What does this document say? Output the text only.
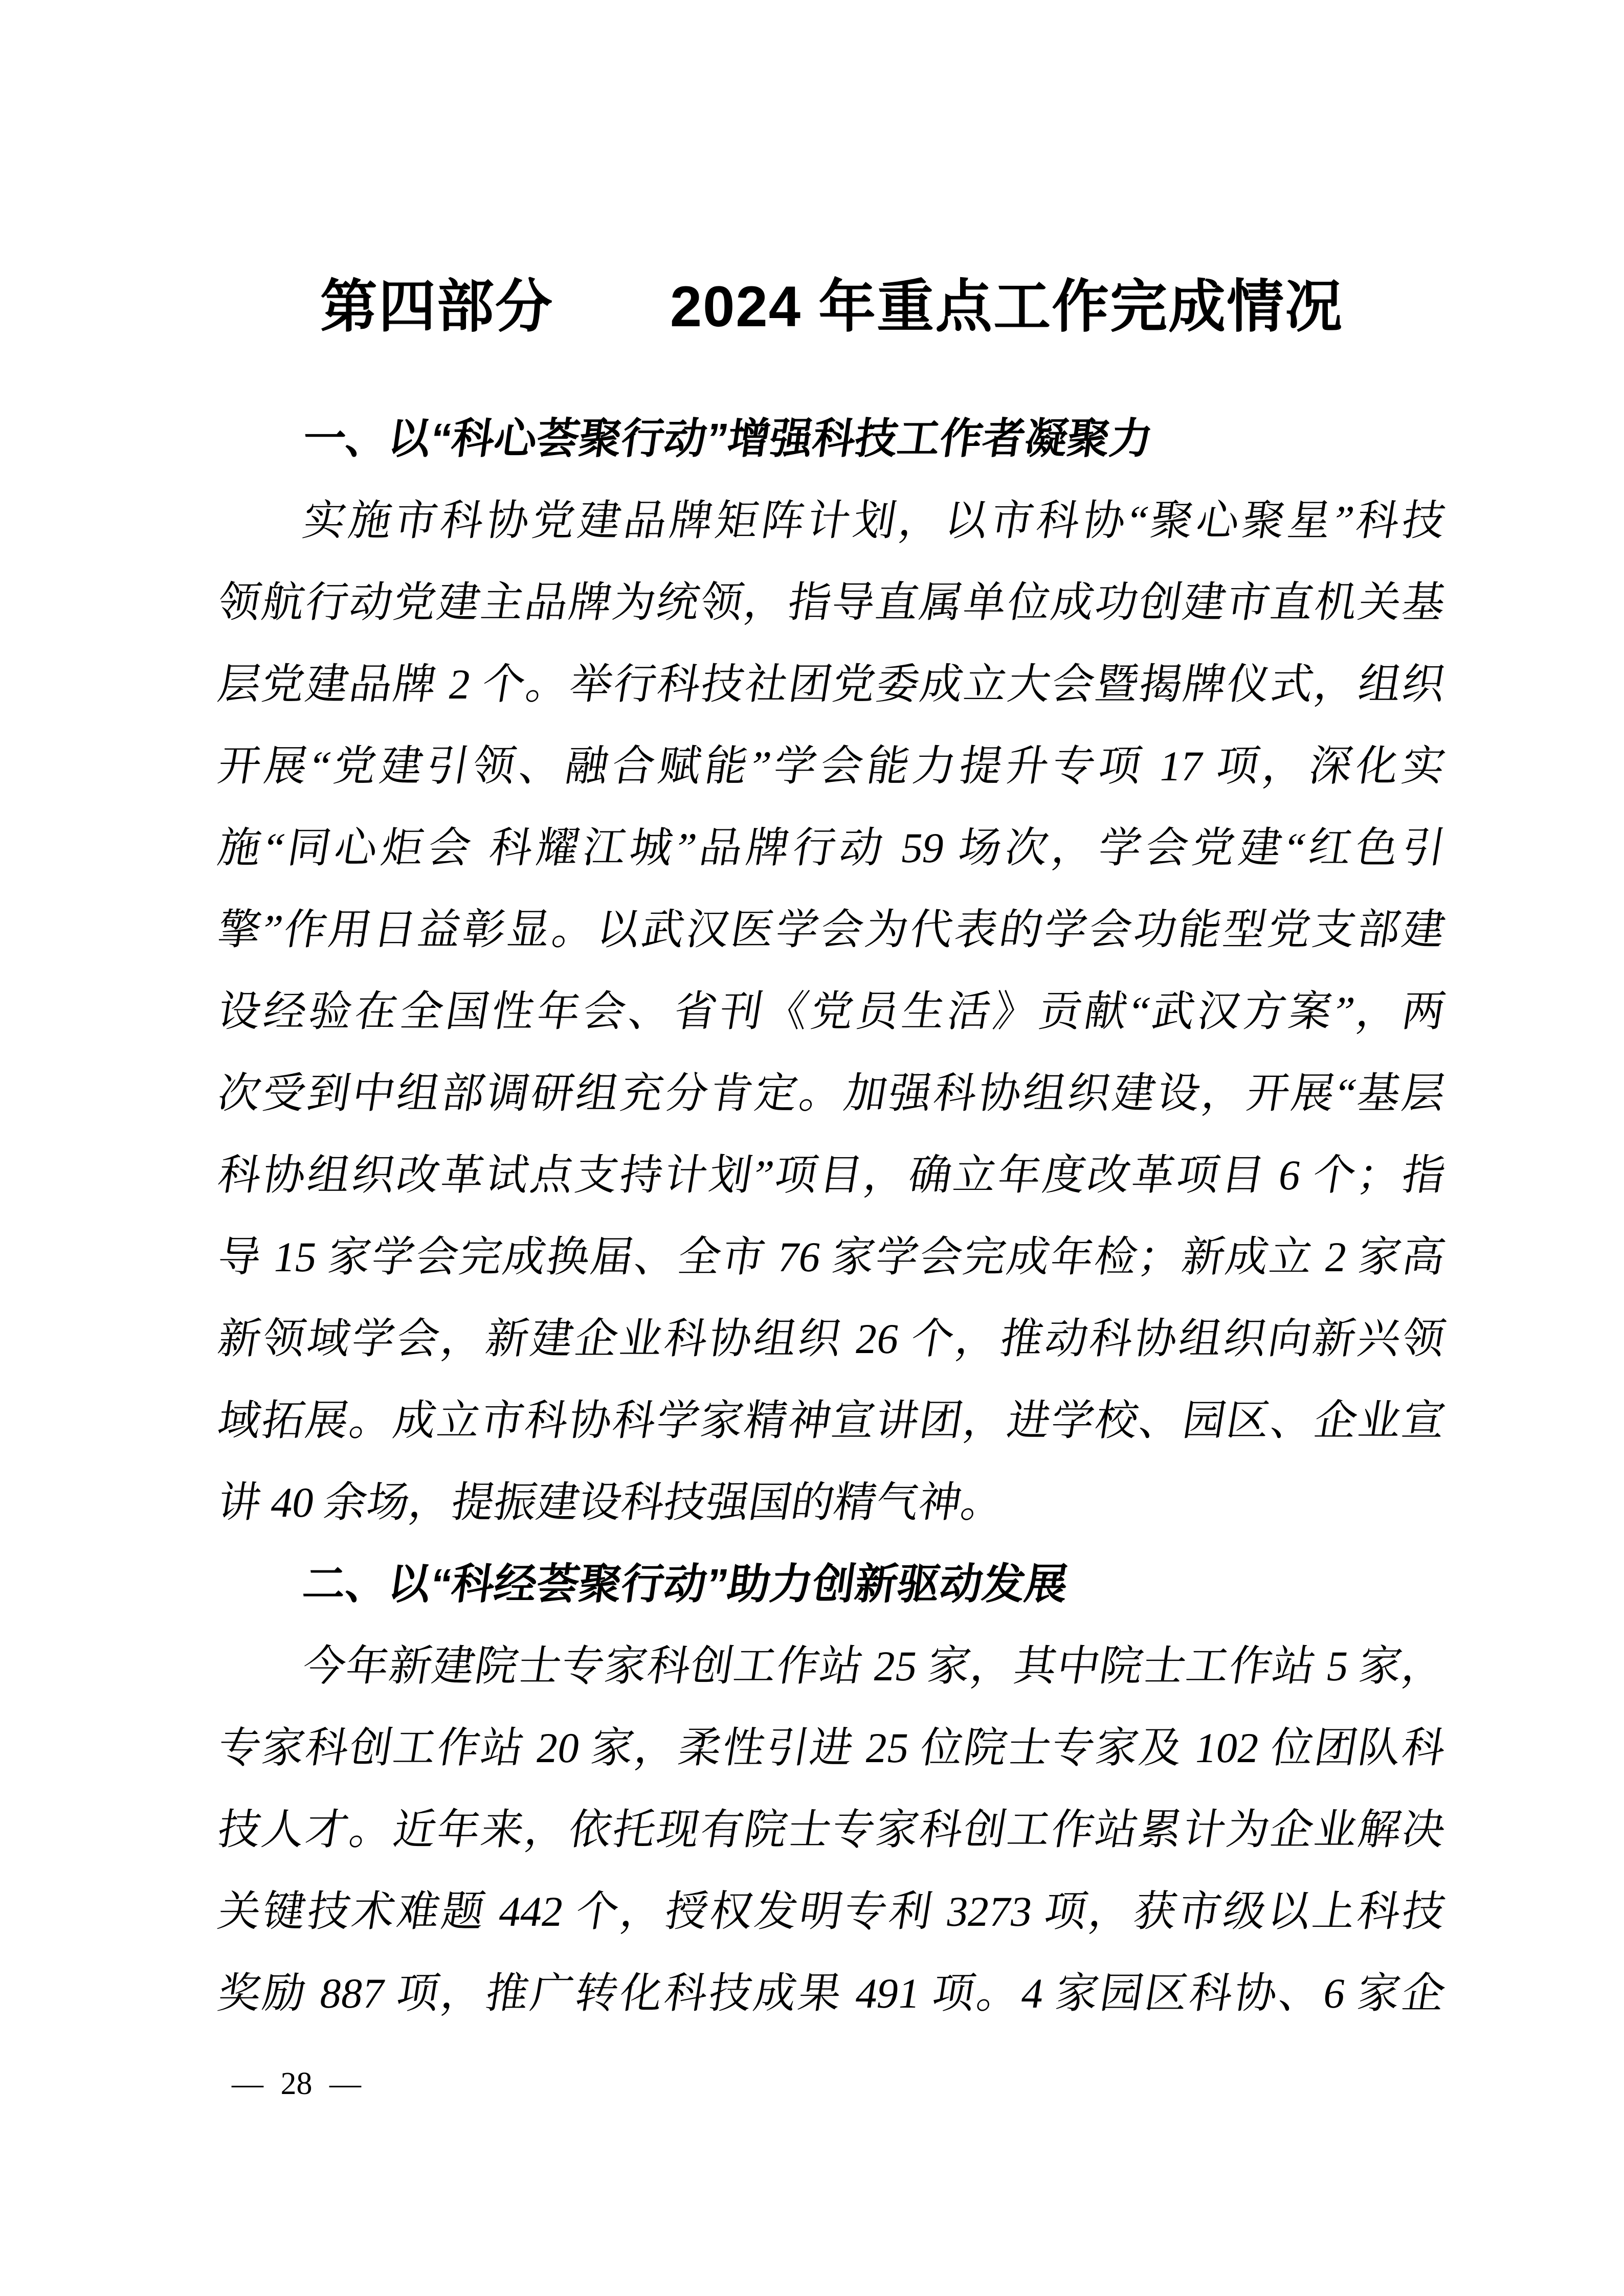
第四部分　　2024 年重点工作完成情况
一、以“科心荟聚行动”增强科技工作者凝聚力
实施市科协党建品牌矩阵计划，以市科协“聚心聚星”科技
领航行动党建主品牌为统领，指导直属单位成功创建市直机关基
层党建品牌 2 个。举行科技社团党委成立大会暨揭牌仪式，组织
开展“党建引领、融合赋能”学会能力提升专项 17 项，深化实
施“同心炬会 科耀江城”品牌行动 59 场次，学会党建“红色引
擎”作用日益彰显。以武汉医学会为代表的学会功能型党支部建
设经验在全国性年会、省刊《党员生活》贡献“武汉方案”，两
次受到中组部调研组充分肯定。加强科协组织建设，开展“基层
科协组织改革试点支持计划”项目，确立年度改革项目 6 个；指
导 15 家学会完成换届、全市 76 家学会完成年检；新成立 2 家高
新领域学会，新建企业科协组织 26 个，推动科协组织向新兴领
域拓展。成立市科协科学家精神宣讲团，进学校、园区、企业宣
讲 40 余场，提振建设科技强国的精气神。
二、以“科经荟聚行动”助力创新驱动发展
今年新建院士专家科创工作站 25 家，其中院士工作站 5 家，
专家科创工作站 20 家，柔性引进 25 位院士专家及 102 位团队科
技人才。近年来，依托现有院士专家科创工作站累计为企业解决
关键技术难题 442 个，授权发明专利 3273 项，获市级以上科技
奖励 887 项，推广转化科技成果 491 项。4 家园区科协、6 家企
— 28 —
